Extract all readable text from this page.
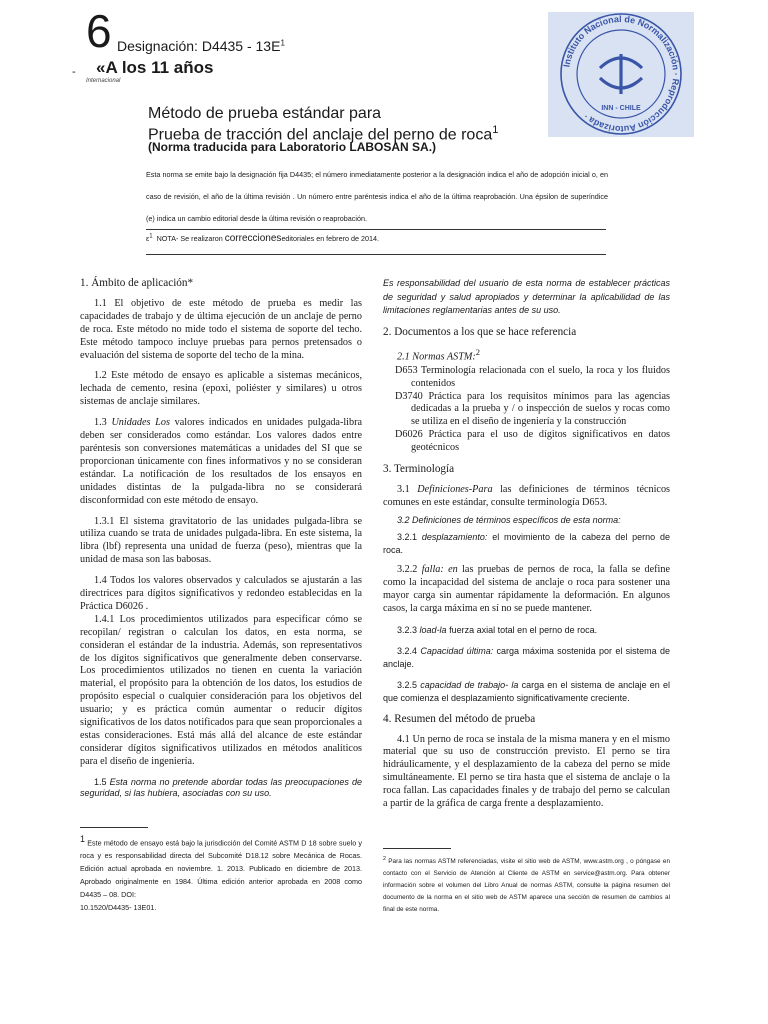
6 Designación: $D4435 - 13E^1$
- «A los 11 años
Internacional
Instituto Nacional de Normalización · Reproducción Autorizada ·
INN - CHILE
Método de prueba estándar para
Prueba de tracción del anclaje del perno de roca$^1$
(Norma traducida para Laboratorio LABOSAN SA.)
Esta norma se emite bajo la designación fija D4435; el número inmediatamente posterior a la designación indica el año de adopción inicial o, en caso de revisión, el año de la última revisión . Un número entre paréntesis indica el año de la última reaprobación. Una épsilon de superíndice (e) indica un cambio editorial desde la última revisión o reaprobación.
$\varepsilon^1$ NOTA- Se realizaron correccioneseditoriales en febrero de 2014.

1. Ámbito de aplicación*

1.1 El objetivo de este método de prueba es medir las capacidades de trabajo y de última ejecución de un anclaje de perno de roca. Este método no mide todo el sistema de soporte del techo. Este método tampoco incluye pruebas para pernos pretensados o evaluación del sistema de soporte del techo de la mina.

1.2 Este método de ensayo es aplicable a sistemas mecánicos, lechada de cemento, resina (epoxi, poliéster y similares) u otros sistemas de anclaje similares.

1.3 Unidades Los valores indicados en unidades pulgada-libra deben ser considerados como estándar. Los valores dados entre paréntesis son conversiones matemáticas a unidades del SI que se proporcionan únicamente con fines informativos y no se consideran estándar. La notificación de los resultados de los ensayos en unidades distintas de la pulgada-libra no se considerará disconformidad con este método de ensayo.

1.3.1 El sistema gravitatorio de las unidades pulgada-libra se utiliza cuando se trata de unidades pulgada-libra. En este sistema, la libra (lbf) representa una unidad de fuerza (peso), mientras que la unidad de masa son las babosas.

1.4 Todos los valores observados y calculados se ajustarán a las directrices para dígitos significativos y redondeo establecidas en la Práctica D6026 .

1.4.1 Los procedimientos utilizados para especificar cómo se recopilan/ registran o calculan los datos, en esta norma, se consideran el estándar de la industria. Además, son representativos de los dígitos significativos que generalmente deben conservarse. Los procedimientos utilizados no tienen en cuenta la variación material, el propósito para la obtención de los datos, los estudios de propósito especial o cualquier consideración para los objetivos del usuario; y es práctica común aumentar o reducir dígitos significativos de los datos notificados para que sean proporcionales a estas consideraciones. Está más allá del alcance de este estándar considerar dígitos significativos utilizados en métodos analíticos para el diseño de ingeniería.

1.5 Esta norma no pretende abordar todas las preocupaciones de seguridad, si las hubiera, asociadas con su uso.

$^1$ Este método de ensayo está bajo la jurisdicción del Comité ASTM D 18 sobre suelo y roca y es responsabilidad directa del Subcomité D18.12 sobre Mecánica de Rocas. Edición actual aprobada en noviembre. 1. 2013. Publicado en diciembre de 2013. Aprobado originalmente en 1984. Última edición anterior aprobada en 2008 como D4435 – 08. DOI:
10.1520/D4435- 13E01.

Es responsabilidad del usuario de esta norma de establecer prácticas de seguridad y salud apropiados y determinar la aplicabilidad de las limitaciones reglamentarias antes de su uso.

2. Documentos a los que se hace referencia

2.1 Normas ASTM:$^2$

D653 Terminología relacionada con el suelo, la roca y los fluidos contenidos

D3740 Práctica para los requisitos mínimos para las agencias dedicadas a la prueba y / o inspección de suelos y rocas como se utiliza en el diseño de ingeniería y la construcción

D6026 Práctica para el uso de dígitos significativos en datos geotécnicos

3. Terminología

3.1 Definiciones-Para las definiciones de términos técnicos comunes en este estándar, consulte terminología D653.

3.2 Definiciones de términos específicos de esta norma:

3.2.1 desplazamiento: el movimiento de la cabeza del perno de roca.

3.2.2 falla: en las pruebas de pernos de roca, la falla se define como la incapacidad del sistema de anclaje o roca para sostener una mayor carga sin aumentar rápidamente la deformación. En algunos casos, la carga máxima en sí no se puede mantener.

3.2.3 load-la fuerza axial total en el perno de roca.

3.2.4 Capacidad última: carga máxima sostenida por el sistema de anclaje.

3.2.5 capacidad de trabajo- la carga en el sistema de anclaje en el que comienza el desplazamiento significativamente creciente.

4. Resumen del método de prueba

4.1 Un perno de roca se instala de la misma manera y en el mismo material que su uso de construcción previsto. El perno se tira hidráulicamente, y el desplazamiento de la cabeza del perno se mide simultáneamente. El perno se tira hasta que el sistema de anclaje o la roca fallan. Las capacidades finales y de trabajo del perno se calculan a partir de la gráfica de carga frente a desplazamiento.

$^2$ Para las normas ASTM referenciadas, visite el sitio web de ASTM, www.astm.org , o póngase en contacto con el Servicio de Atención al Cliente de ASTM en service@astm.org. Para obtener información sobre el volumen del Libro Anual de normas ASTM, consulte la página resumen del documento de la norma en el sitio web de ASTM aparece una sección de resumen de cambios al final de este norma.
